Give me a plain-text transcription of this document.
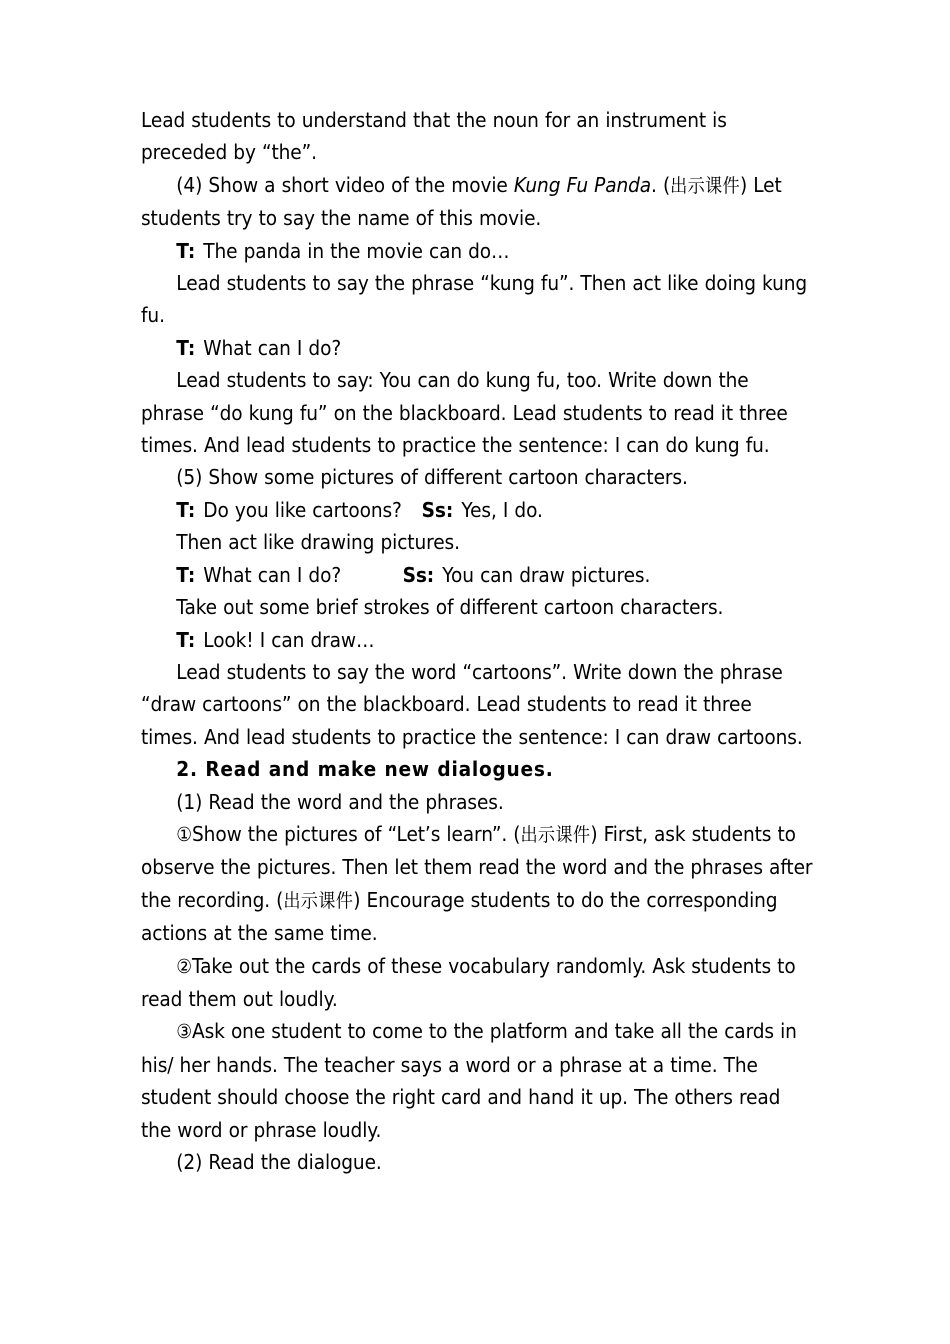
Lead students to understand that the noun for an instrument is preceded by “the”.

(4) Show a short video of the movie Kung Fu Panda. (出示课件) Let students try to say the name of this movie.

T: The panda in the movie can do…

Lead students to say the phrase “kung fu”. Then act like doing kung fu.

T: What can I do?

Lead students to say: You can do kung fu, too. Write down the phrase “do kung fu” on the blackboard. Lead students to read it three times. And lead students to practice the sentence: I can do kung fu.

(5) Show some pictures of different cartoon characters.

T: Do you like cartoons? Ss: Yes, I do.

Then act like drawing pictures.

T: What can I do?	Ss: You can draw pictures.

Take out some brief strokes of different cartoon characters.

T: Look! I can draw…

Lead students to say the word “cartoons”. Write down the phrase “draw cartoons” on the blackboard. Lead students to read it three times. And lead students to practice the sentence: I can draw cartoons.

2. Read and make new dialogues.

(1) Read the word and the phrases.

①Show the pictures of “Let’s learn”. (出示课件) First, ask students to observe the pictures. Then let them read the word and the phrases after the recording. (出示课件) Encourage students to do the corresponding actions at the same time.

②Take out the cards of these vocabulary randomly. Ask students to read them out loudly.

③Ask one student to come to the platform and take all the cards in his/ her hands. The teacher says a word or a phrase at a time. The student should choose the right card and hand it up. The others read the word or phrase loudly.

(2) Read the dialogue.
